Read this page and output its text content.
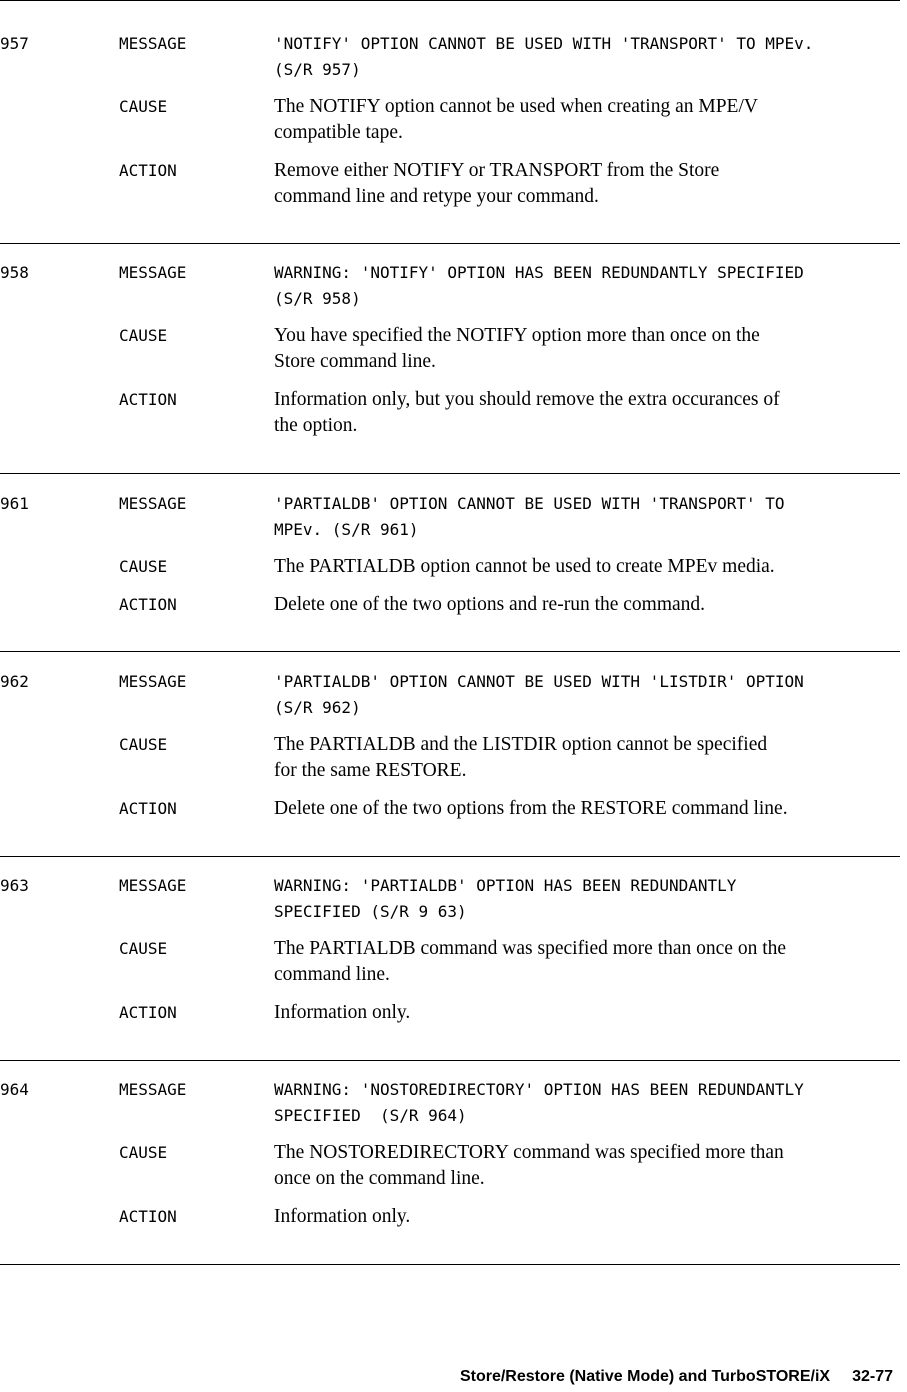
957	MESSAGE	'NOTIFY' OPTION CANNOT BE USED WITH 'TRANSPORT' TO MPEv.
(S/R 957)
CAUSE	The NOTIFY option cannot be used when creating an MPE/V
compatible tape.
ACTION	Remove either NOTIFY or TRANSPORT from the Store
command line and retype your command.
958	MESSAGE	WARNING: 'NOTIFY' OPTION HAS BEEN REDUNDANTLY SPECIFIED
(S/R 958)
CAUSE	You have specified the NOTIFY option more than once on the
Store command line.
ACTION	Information only, but you should remove the extra occurances of
the option.
961	MESSAGE	'PARTIALDB' OPTION CANNOT BE USED WITH 'TRANSPORT' TO
MPEv. (S/R 961)
CAUSE	The PARTIALDB option cannot be used to create MPEv media.
ACTION	Delete one of the two options and re-run the command.
962	MESSAGE	'PARTIALDB' OPTION CANNOT BE USED WITH 'LISTDIR' OPTION
(S/R 962)
CAUSE	The PARTIALDB and the LISTDIR option cannot be specified
for the same RESTORE.
ACTION	Delete one of the two options from the RESTORE command line.
963	MESSAGE	WARNING: 'PARTIALDB' OPTION HAS BEEN REDUNDANTLY
SPECIFIED (S/R 9 63)
CAUSE	The PARTIALDB command was specified more than once on the
command line.
ACTION	Information only.
964	MESSAGE	WARNING: 'NOSTOREDIRECTORY' OPTION HAS BEEN REDUNDANTLY
SPECIFIED  (S/R 964)
CAUSE	The NOSTOREDIRECTORY command was specified more than
once on the command line.
ACTION	Information only.
Store/Restore (Native Mode) and TurboSTORE/iX 32-77
